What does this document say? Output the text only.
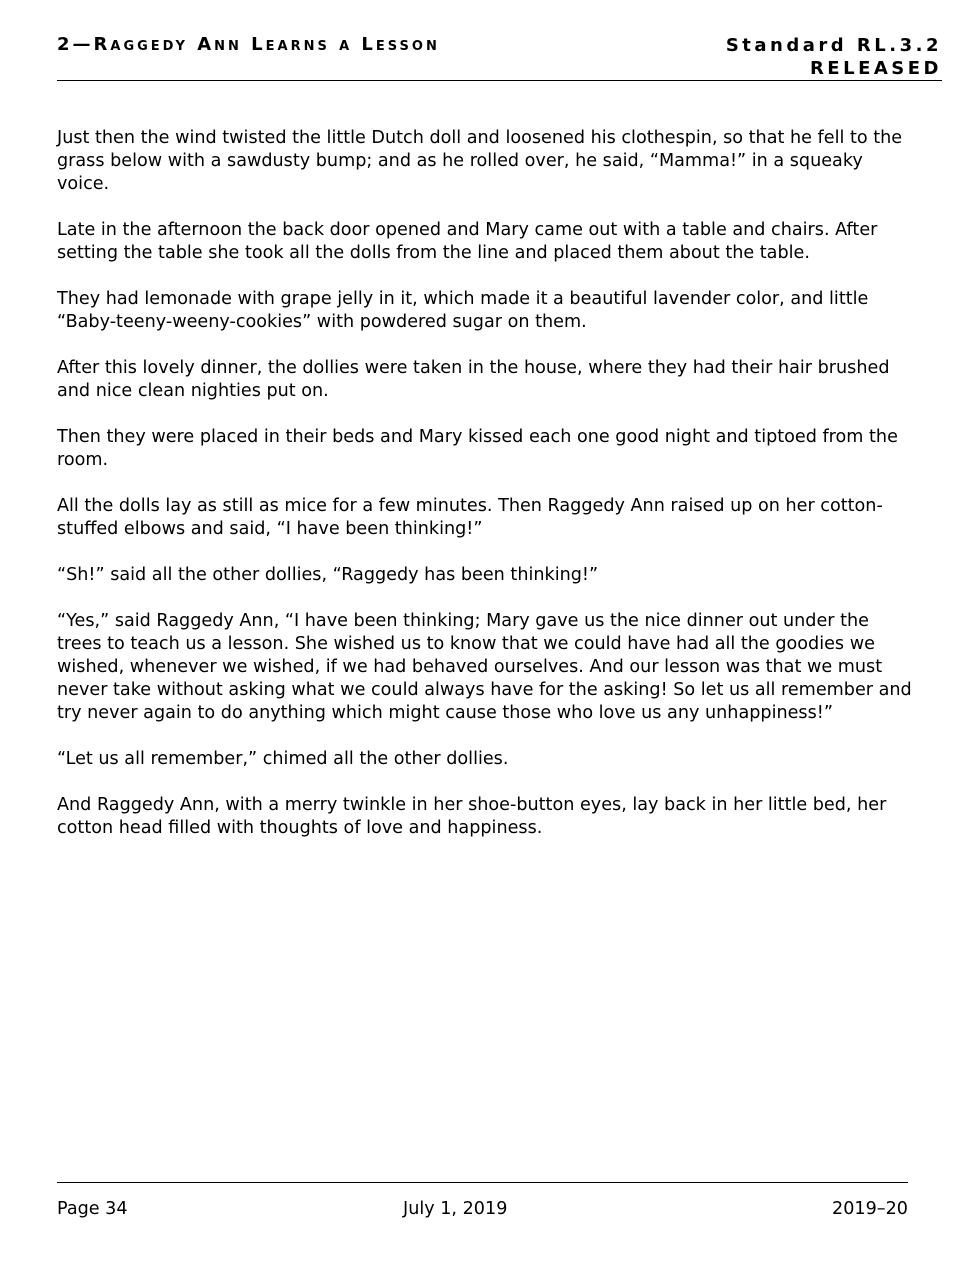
2—Raggedy Ann Learns a Lesson	Standard RL.3.2
RELEASED

Just then the wind twisted the little Dutch doll and loosened his clothespin, so that he fell to the grass below with a sawdusty bump; and as he rolled over, he said, “Mamma!” in a squeaky voice.

Late in the afternoon the back door opened and Mary came out with a table and chairs. After setting the table she took all the dolls from the line and placed them about the table.

They had lemonade with grape jelly in it, which made it a beautiful lavender color, and little “Baby-teeny-weeny-cookies” with powdered sugar on them.

After this lovely dinner, the dollies were taken in the house, where they had their hair brushed and nice clean nighties put on.

Then they were placed in their beds and Mary kissed each one good night and tiptoed from the room.

All the dolls lay as still as mice for a few minutes. Then Raggedy Ann raised up on her cotton-stuffed elbows and said, “I have been thinking!”

“Sh!” said all the other dollies, “Raggedy has been thinking!”

“Yes,” said Raggedy Ann, “I have been thinking; Mary gave us the nice dinner out under the trees to teach us a lesson. She wished us to know that we could have had all the goodies we wished, whenever we wished, if we had behaved ourselves. And our lesson was that we must never take without asking what we could always have for the asking! So let us all remember and try never again to do anything which might cause those who love us any unhappiness!”

“Let us all remember,” chimed all the other dollies.

And Raggedy Ann, with a merry twinkle in her shoe-button eyes, lay back in her little bed, her cotton head filled with thoughts of love and happiness.

Page 34	July 1, 2019	2019–20
